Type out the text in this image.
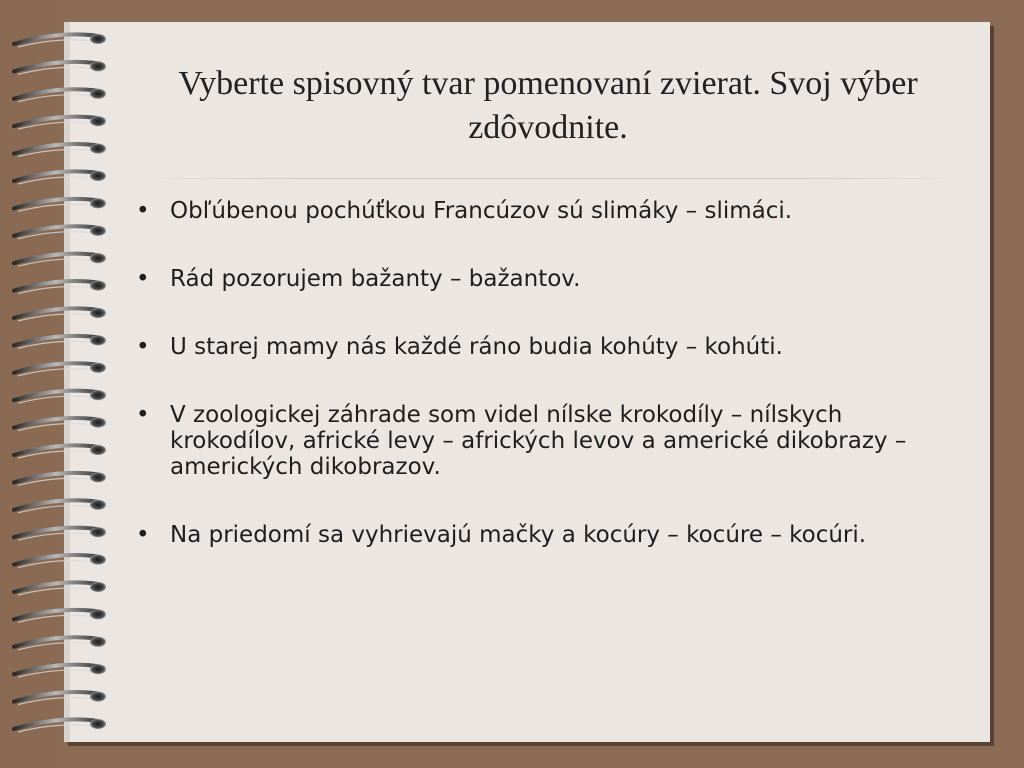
Vyberte spisovný tvar pomenovaní zvierat. Svoj výber zdôvodnite.
• Obľúbenou pochúťkou Francúzov sú slimáky – slimáci.
• Rád pozorujem bažanty – bažantov.
• U starej mamy nás každé ráno budia kohúty – kohúti.
• V zoologickej záhrade som videl nílske krokodíly – nílskych krokodílov, africké levy – afrických levov a americké dikobrazy – amerických dikobrazov.
• Na priedomí sa vyhrievajú mačky a kocúry – kocúre – kocúri.
